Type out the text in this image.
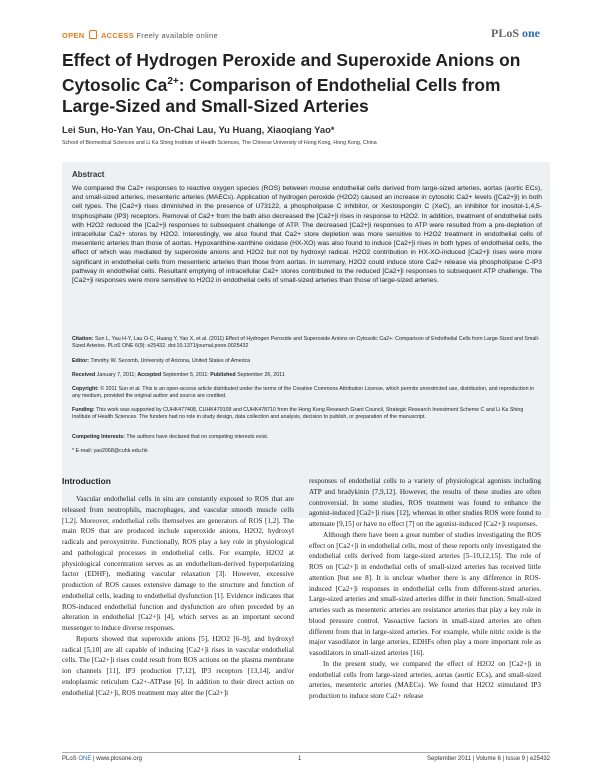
OPEN ACCESS Freely available online	PLoS one
Effect of Hydrogen Peroxide and Superoxide Anions on
Cytosolic $Ca^{2+}$: Comparison of Endothelial Cells from
Large-Sized and Small-Sized Arteries
Lei Sun, Ho-Yan Yau, On-Chai Lau, Yu Huang, Xiaoqiang Yao*
School of Biomedical Sciences and Li Ka Shing Institute of Health Sciences, The Chinese University of Hong Kong, Hong Kong, China
Abstract
We compared the Ca2+ responses to reactive oxygen species (ROS) between mouse endothelial cells derived from large-sized arteries, aortas (aortic ECs), and small-sized arteries, mesenteric arteries (MAECs). Application of hydrogen peroxide (H2O2) caused an increase in cytosolic Ca2+ levels ([Ca2+]i) in both cell types. The [Ca2+]i rises diminished in the presence of U73122, a phospholipase C inhibitor, or Xestospongin C (XeC), an inhibitor for inositol-1,4,5-trisphosphate (IP3) receptors. Removal of Ca2+ from the bath also decreased the [Ca2+]i rises in response to H2O2. In addition, treatment of endothelial cells with H2O2 reduced the [Ca2+]i responses to subsequent challenge of ATP. The decreased [Ca2+]i responses to ATP were resulted from a pre-depletion of intracellular Ca2+ stores by H2O2. Interestingly, we also found that Ca2+ store depletion was more sensitive to H2O2 treatment in endothelial cells of mesenteric arteries than those of aortas. Hypoxanthine-xanthine oxidase (HX-XO) was also found to induce [Ca2+]i rises in both types of endothelial cells, the effect of which was mediated by superoxide anions and H2O2 but not by hydroxyl radical. H2O2 contribution in HX-XO-induced [Ca2+]i rises were more significant in endothelial cells from mesenteric arteries than those from aortas. In summary, H2O2 could induce store Ca2+ release via phospholipase C-IP3 pathway in endothelial cells. Resultant emptying of intracellular Ca2+ stores contributed to the reduced [Ca2+]i responses to subsequent ATP challenge. The [Ca2+]i responses were more sensitive to H2O2 in endothelial cells of small-sized arteries than those of large-sized arteries.
Citation: Sun L, Yau H-Y, Lau O-C, Huang Y, Yao X, et al. (2011) Effect of Hydrogen Peroxide and Superoxide Anions on Cytosolic Ca2+: Comparison of Endothelial Cells from Large-Sized and Small-Sized Arteries. PLoS ONE 6(9): e25432. doi:10.1371/journal.pone.0025432
Editor: Timothy W. Secomb, University of Arizona, United States of America
Received January 7, 2011; Accepted September 5, 2011; Published September 26, 2011
Copyright: © 2011 Sun et al. This is an open-access article distributed under the terms of the Creative Commons Attribution License, which permits unrestricted use, distribution, and reproduction in any medium, provided the original author and source are credited.
Funding: This work was supported by CUHK477408, CUHK479109 and CUHK478710 from the Hong Kong Research Grant Council, Strategic Research Investment Scheme C and Li Ka Shing Institute of Health Sciences. The funders had no role in study design, data collection and analysis, decision to publish, or preparation of the manuscript.
Competing Interests: The authors have declared that no competing interests exist.
* E-mail: yao2068@cuhk.edu.hk
Introduction

Vascular endothelial cells in situ are constantly exposed to ROS that are released from neutrophils, macrophages, and vascular smooth muscle cells [1,2]. Moreover, endothelial cells themselves are generators of ROS [1,2]. The main ROS that are produced include superoxide anions, H2O2, hydroxyl radicals and peroxynitrite. Functionally, ROS play a key role in physiological and pathological processes in endothelial cells. For example, H2O2 at physiological concentration serves as an endothelium-derived hyperpolarizing factor (EDHF), mediating vascular relaxation [3]. However, excessive production of ROS causes extensive damage to the structure and function of endothelial cells, leading to endothelial dysfunction [1]. Evidence indicates that ROS-induced endothelial function and dysfunction are often preceded by an alteration in endothelial [Ca2+]i [4], which serves as an important second messenger to induce diverse responses.

Reports showed that superoxide anions [5], H2O2 [6–9], and hydroxyl radical [5,10] are all capable of inducing [Ca2+]i rises in vascular endothelial cells. The [Ca2+]i rises could result from ROS actions on the plasma membrane ion channels [11], IP3 production [7,12], IP3 receptors [13,14], and/or endoplasmic reticulum Ca2+-ATPase [6]. In addition to their direct action on endothelial [Ca2+]i, ROS treatment may alter the [Ca2+]i

responses of endothelial cells to a variety of physiological agonists including ATP and bradykinin [7,9,12]. However, the results of these studies are often controversial. In some studies, ROS treatment was found to enhance the agonist-induced [Ca2+]i rises [12], whereas in other studies ROS were found to attenuate [9,15] or have no effect [7] on the agonist-induced [Ca2+]i responses.

Although there have been a great number of studies investigating the ROS effect on [Ca2+]i in endothelial cells, most of these reports only investigated the endothelial cells derived from large-sized arteries [5–10,12,15]. The role of ROS on [Ca2+]i in endothelial cells of small-sized arteries has received little attention [but see 8]. It is unclear whether there is any difference in ROS-induced [Ca2+]i responses in endothelial cells from different-sized arteries. Large-sized arteries and small-sized arteries differ in their function. Small-sized arteries such as mesenteric arteries are resistance arteries that play a key role in blood pressure control. Vasoactive factors in small-sized arteries are often different from that in large-sized arteries. For example, while nitric oxide is the major vasodilator in large arteries, EDHFs often play a more important role as vasodilators in small-sized arteries [16].

In the present study, we compared the effect of H2O2 on [Ca2+]i in endothelial cells from large-sized arteries, aortas (aortic ECs), and small-sized arteries, mesenteric arteries (MAECs). We found that H2O2 stimulated IP3 production to induce store Ca2+ release

PLoS ONE | www.plosone.org	1	September 2011 | Volume 6 | Issue 9 | e25432
